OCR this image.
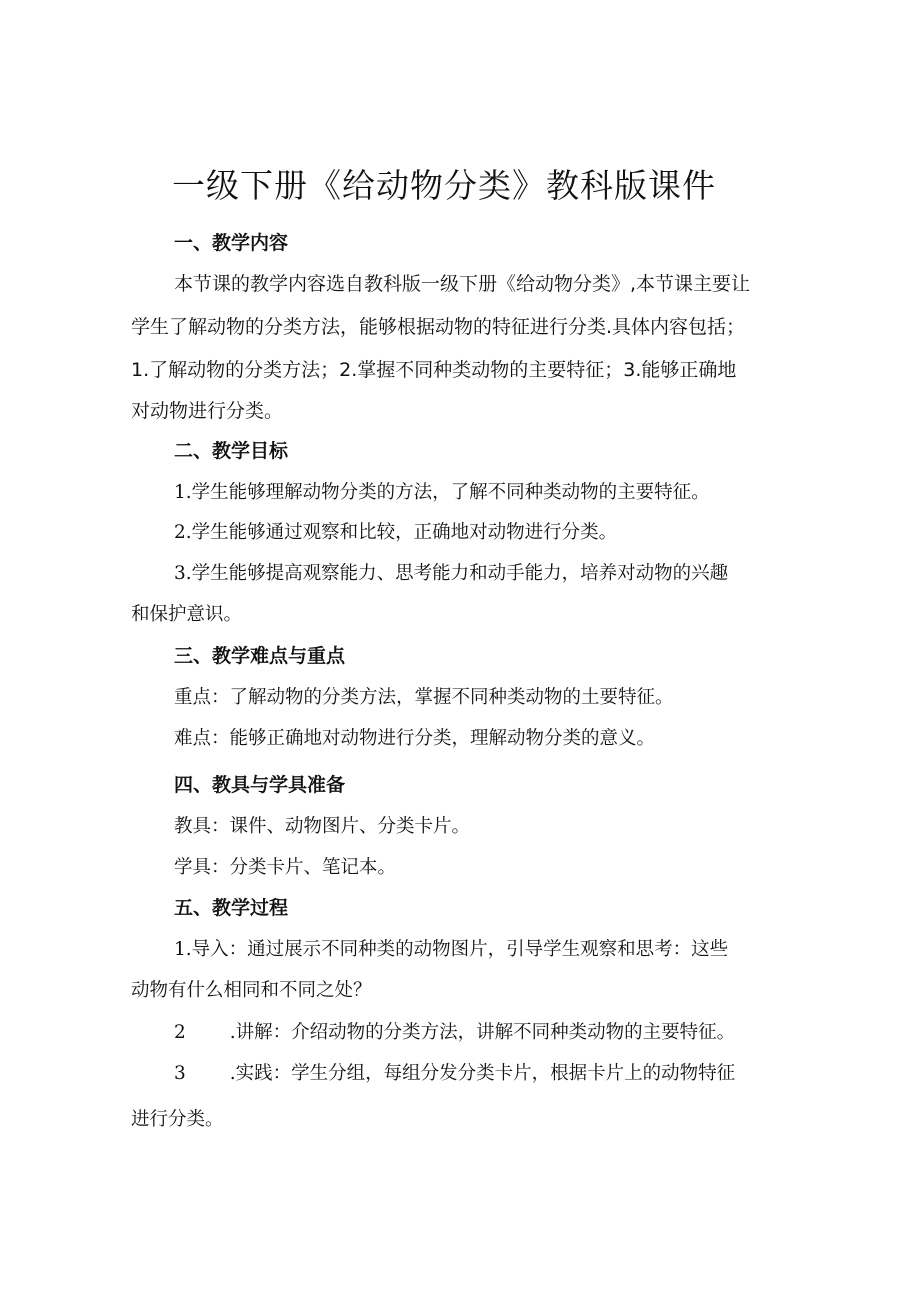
一级下册《给动物分类》教科版课件
一、教学内容

本节课的教学内容选自教科版一级下册《给动物分类》,本节课主要让

学生了解动物的分类方法，能够根据动物的特征进行分类.具体内容包括；

1.了解动物的分类方法；2.掌握不同种类动物的主要特征；3.能够正确地

对动物进行分类。

二、教学目标

1.学生能够理解动物分类的方法，了解不同种类动物的主要特征。

2.学生能够通过观察和比较，正确地对动物进行分类。

3.学生能够提高观察能力、思考能力和动手能力，培养对动物的兴趣

和保护意识。

三、教学难点与重点

重点：了解动物的分类方法，掌握不同种类动物的土要特征。

难点：能够正确地对动物进行分类，理解动物分类的意义。

四、教具与学具准备

教具：课件、动物图片、分类卡片。

学具：分类卡片、笔记本。

五、教学过程

1.导入：通过展示不同种类的动物图片，引导学生观察和思考：这些

动物有什么相同和不同之处？

2 .讲解：介绍动物的分类方法，讲解不同种类动物的主要特征。

3 .实践：学生分组，每组分发分类卡片，根据卡片上的动物特征

进行分类。
